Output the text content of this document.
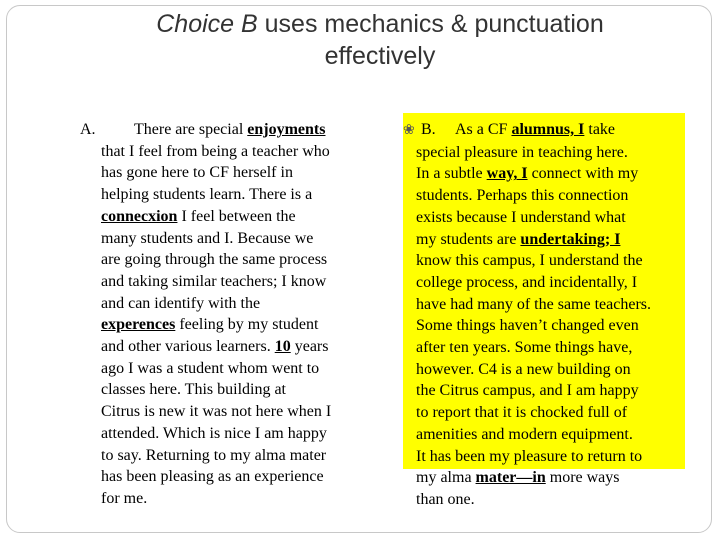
Choice B uses mechanics & punctuation
effectively
A. There are special enjoyments
that I feel from being a teacher who
has gone here to CF herself in
helping students learn. There is a
connecxion I feel between the
many students and I. Because we
are going through the same process
and taking similar teachers; I know
and can identify with the
experences feeling by my student
and other various learners. 10 years
ago I was a student whom went to
classes here. This building at
Citrus is new it was not here when I
attended. Which is nice I am happy
to say. Returning to my alma mater
has been pleasing as an experience
for me.
❀ B. As a CF alumnus, I take
special pleasure in teaching here.
In a subtle way, I connect with my
students. Perhaps this connection
exists because I understand what
my students are undertaking; I
know this campus, I understand the
college process, and incidentally, I
have had many of the same teachers.
Some things haven’t changed even
after ten years. Some things have,
however. C4 is a new building on
the Citrus campus, and I am happy
to report that it is chocked full of
amenities and modern equipment.
It has been my pleasure to return to
my alma mater—in more ways
than one.
